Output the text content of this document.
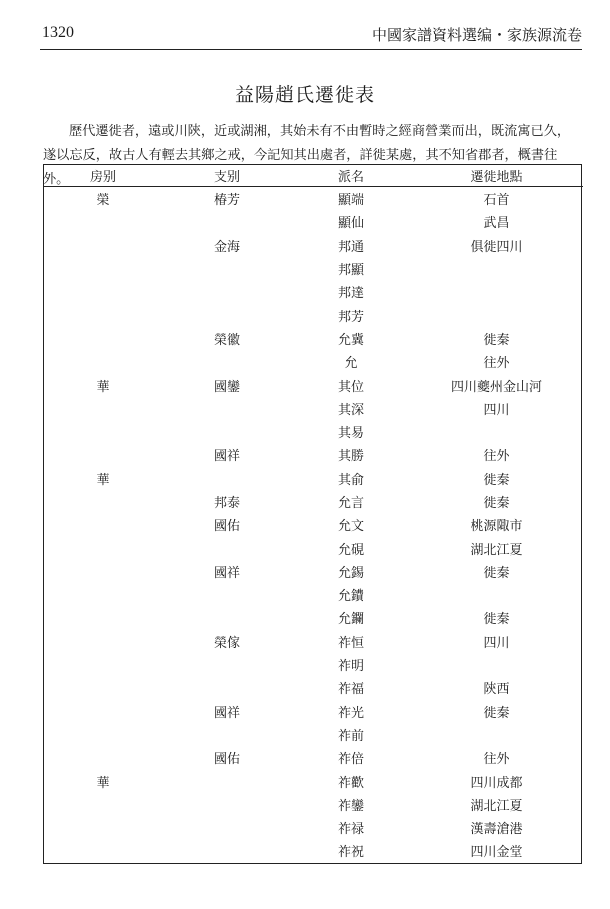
1320	中國家譜資料選编・家族源流卷
益陽趙氏遷徙表

歷代遷徙者，遠或川陝，近或湖湘，其始未有不由暫時之經商營業而出，既流寓已久，遂以忘反，故古人有輕去其鄉之戒，今記知其出處者，詳徙某處，其不知省郡者，概書往外。	房别	支别	派名	遷徙地點
榮	椿芳	顯端	石首
		顯仙	武昌
	金海	邦通	俱徙四川
		邦顯	
		邦達	
		邦芳	
	榮徽	允冀	徙秦
		允	往外
華	國鑾	其位	四川夔州金山河
		其深	四川
		其易	
	國祥	其勝	往外
華		其俞	徙秦
	邦泰	允言	徙秦
	國佑	允文	桃源陬市
		允硯	湖北江夏
	國祥	允錫	徙秦
		允鐨	
		允鑭	徙秦
	榮傢	祚恒	四川
		祚明	
		祚福	陝西
	國祥	祚光	徙秦
		祚前	
	國佑	祚倍	往外
華		祚歡	四川成都
		祚鑾	湖北江夏
		祚禄	漢壽滄港
		祚祝	四川金堂
